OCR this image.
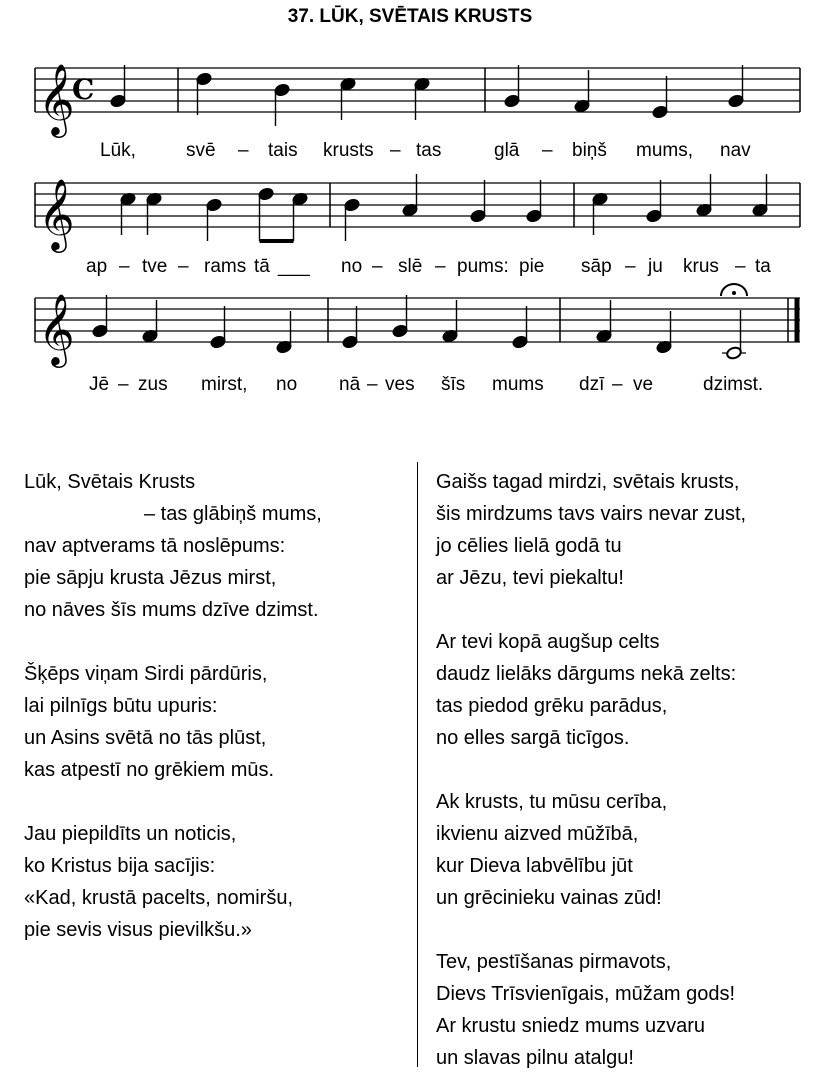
37. LŪK, SVĒTAIS KRUSTS
𝄞
C
Lūk,	svē – tais krusts – tas	glā – biņš mums, nav
𝄞
ap – tve – rams tā ___ no – slē – pums: pie sāp – ju krus – ta
𝄞
Jē – zus mirst, no nā – ves šīs mums dzī – ve	dzimst.

Lūk, Svētais Krusts

– tas glābiņš mums,

nav aptverams tā noslēpums:

pie sāpju krusta Jēzus mirst,

no nāves šīs mums dzīve dzimst.

Šķēps viņam Sirdi pārdūris,

lai pilnīgs būtu upuris:

un Asins svētā no tās plūst,

kas atpestī no grēkiem mūs.

Jau piepildīts un noticis,

ko Kristus bija sacījis:

«Kad, krustā pacelts, nomiršu,

pie sevis visus pievilkšu.»

Gaišs tagad mirdzi, svētais krusts,

šis mirdzums tavs vairs nevar zust,

jo cēlies lielā godā tu

ar Jēzu, tevi piekaltu!

Ar tevi kopā augšup celts

daudz lielāks dārgums nekā zelts:

tas piedod grēku parādus,

no elles sargā ticīgos.

Ak krusts, tu mūsu cerība,

ikvienu aizved mūžībā,

kur Dieva labvēlību jūt

un grēcinieku vainas zūd!

Tev, pestīšanas pirmavots,

Dievs Trīsvienīgais, mūžam gods!

Ar krustu sniedz mums uzvaru

un slavas pilnu atalgu!
